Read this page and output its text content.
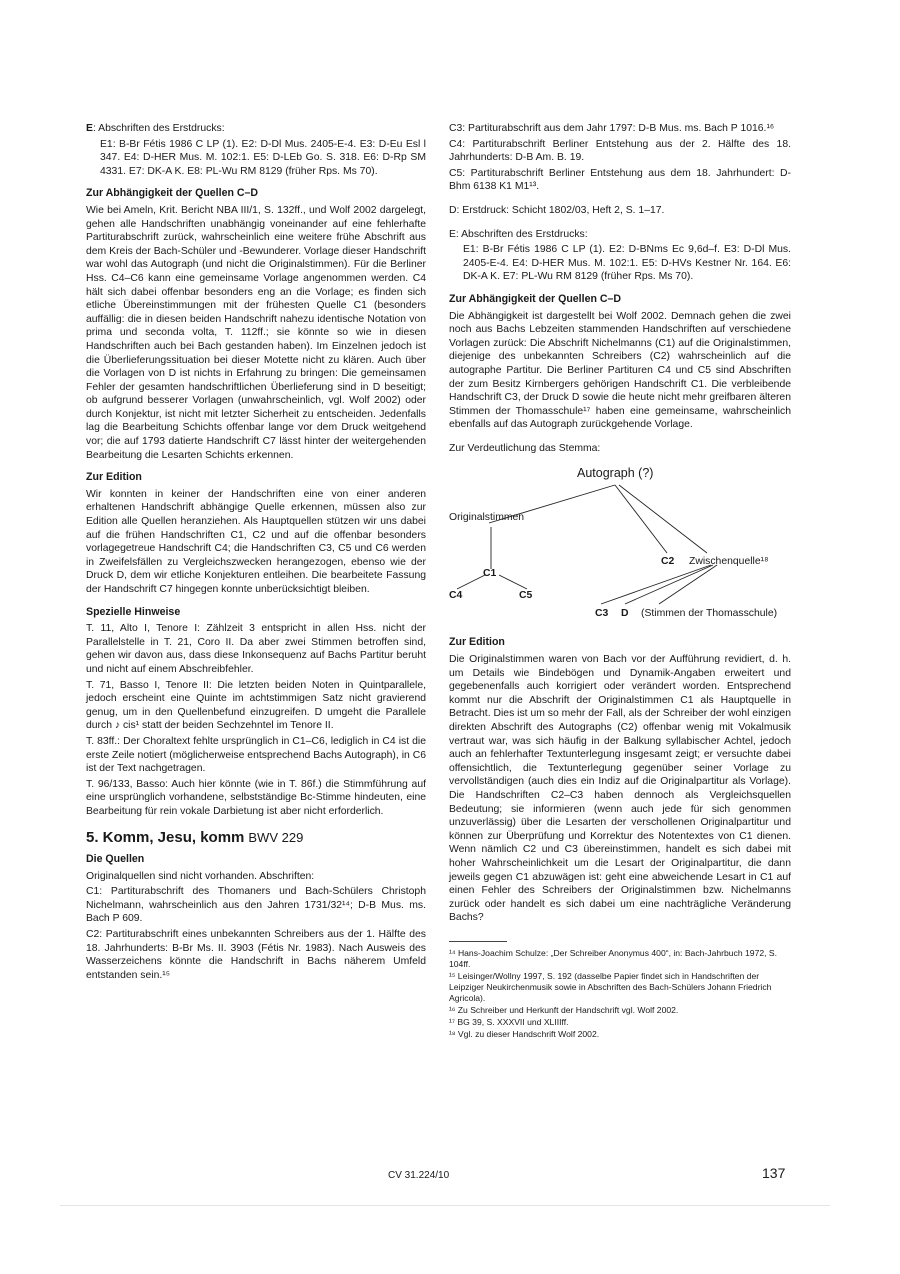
E: Abschriften des Erstdrucks:

E1: B-Br Fétis 1986 C LP (1). E2: D-Dl Mus. 2405-E-4. E3: D-Eu Esl l 347. E4: D-HER Mus. M. 102:1. E5: D-LEb Go. S. 318. E6: D-Rp SM 4331. E7: DK-A K. E8: PL-Wu RM 8129 (früher Rps. Ms 70).

Zur Abhängigkeit der Quellen C–D

Wie bei Ameln, Krit. Bericht NBA III/1, S. 132ff., und Wolf 2002 dargelegt, gehen alle Handschriften unabhängig voneinander auf eine fehlerhafte Partiturabschrift zurück, wahrscheinlich eine weitere frühe Abschrift aus dem Kreis der Bach-Schüler und -Bewunderer. Vorlage dieser Handschrift war wohl das Autograph (und nicht die Originalstimmen). Für die Berliner Hss. C4–C6 kann eine gemeinsame Vorlage angenommen werden. C4 hält sich dabei offenbar besonders eng an die Vorlage; es finden sich etliche Übereinstimmungen mit der frühesten Quelle C1 (besonders auffällig: die in diesen beiden Handschrift nahezu identische Notation von prima und seconda volta, T. 112ff.; sie könnte so wie in diesen Handschriften auch bei Bach gestanden haben). Im Einzelnen jedoch ist die Überlieferungssituation bei dieser Motette nicht zu klären. Auch über die Vorlagen von D ist nichts in Erfahrung zu bringen: Die gemeinsamen Fehler der gesamten handschriftlichen Überlieferung sind in D beseitigt; ob aufgrund besserer Vorlagen (unwahrscheinlich, vgl. Wolf 2002) oder durch Konjektur, ist nicht mit letzter Sicherheit zu entscheiden. Jedenfalls lag die Bearbeitung Schichts offenbar lange vor dem Druck weitgehend vor; die auf 1793 datierte Handschrift C7 lässt hinter der weitergehenden Bearbeitung die Lesarten Schichts erkennen.

Zur Edition

Wir konnten in keiner der Handschriften eine von einer anderen erhaltenen Handschrift abhängige Quelle erkennen, müssen also zur Edition alle Quellen heranziehen. Als Hauptquellen stützen wir uns dabei auf die frühen Handschriften C1, C2 und auf die offenbar besonders vorlagegetreue Handschrift C4; die Handschriften C3, C5 und C6 werden in Zweifelsfällen zu Vergleichszwecken herangezogen, ebenso wie der Druck D, dem wir etliche Konjekturen entleihen. Die bearbeitete Fassung der Handschrift C7 hingegen konnte unberücksichtigt bleiben.

Spezielle Hinweise

T. 11, Alto I, Tenore I: Zählzeit 3 entspricht in allen Hss. nicht der Parallelstelle in T. 21, Coro II. Da aber zwei Stimmen betroffen sind, gehen wir davon aus, dass diese Inkonsequenz auf Bachs Partitur beruht und nicht auf einem Abschreibfehler.

T. 71, Basso I, Tenore II: Die letzten beiden Noten in Quintparallele, jedoch erscheint eine Quinte im achtstimmigen Satz nicht gravierend genug, um in den Quellenbefund einzugreifen. D umgeht die Parallele durch ♪ cis¹ statt der beiden Sechzehntel im Tenore II.

T. 83ff.: Der Choraltext fehlte ursprünglich in C1–C6, lediglich in C4 ist die erste Zeile notiert (möglicherweise entsprechend Bachs Autograph), in C6 ist der Text nachgetragen.

T. 96/133, Basso: Auch hier könnte (wie in T. 86f.) die Stimmführung auf eine ursprünglich vorhandene, selbstständige Bc-Stimme hindeuten, eine Bearbeitung für rein vokale Darbietung ist aber nicht erforderlich.

5. Komm, Jesu, komm BWV 229
Die Quellen

Originalquellen sind nicht vorhanden. Abschriften:

C1: Partiturabschrift des Thomaners und Bach-Schülers Christoph Nichelmann, wahrscheinlich aus den Jahren 1731/32¹⁴; D-B Mus. ms. Bach P 609.

C2: Partiturabschrift eines unbekannten Schreibers aus der 1. Hälfte des 18. Jahrhunderts: B-Br Ms. II. 3903 (Fétis Nr. 1983). Nach Ausweis des Wasserzeichens könnte die Handschrift in Bachs näherem Umfeld entstanden sein.¹⁵

C3: Partiturabschrift aus dem Jahr 1797: D-B Mus. ms. Bach P 1016.¹⁶

C4: Partiturabschrift Berliner Entstehung aus der 2. Hälfte des 18. Jahrhunderts: D-B Am. B. 19.

C5: Partiturabschrift Berliner Entstehung aus dem 18. Jahrhundert: D-Bhm 6138 K1 M1¹³.

D: Erstdruck: Schicht 1802/03, Heft 2, S. 1–17.

E: Abschriften des Erstdrucks:

E1: B-Br Fétis 1986 C LP (1). E2: D-BNms Ec 9,6d–f. E3: D-Dl Mus. 2405-E-4. E4: D-HER Mus. M. 102:1. E5: D-HVs Kestner Nr. 164. E6: DK-A K. E7: PL-Wu RM 8129 (früher Rps. Ms 70).

Zur Abhängigkeit der Quellen C–D

Die Abhängigkeit ist dargestellt bei Wolf 2002. Demnach gehen die zwei noch aus Bachs Lebzeiten stammenden Handschriften auf verschiedene Vorlagen zurück: Die Abschrift Nichelmanns (C1) auf die Originalstimmen, diejenige des unbekannten Schreibers (C2) wahrscheinlich auf die autographe Partitur. Die Berliner Partituren C4 und C5 sind Abschriften der zum Besitz Kirnbergers gehörigen Handschrift C1. Die verbleibende Handschrift C3, der Druck D sowie die heute nicht mehr greifbaren älteren Stimmen der Thomasschule¹⁷ haben eine gemeinsame, wahrscheinlich ebenfalls auf das Autograph zurückgehende Vorlage.

Zur Verdeutlichung das Stemma:

Autograph (?)
Originalstimmen
C1
C4	C5
C2 Zwischenquelle¹⁸
C3 D (Stimmen der Thomasschule)
Zur Edition

Die Originalstimmen waren von Bach vor der Aufführung revidiert, d. h. um Details wie Bindebögen und Dynamik-Angaben erweitert und gegebenenfalls auch korrigiert oder verändert worden. Entsprechend kommt nur die Abschrift der Originalstimmen C1 als Hauptquelle in Betracht. Dies ist um so mehr der Fall, als der Schreiber der wohl einzigen direkten Abschrift des Autographs (C2) offenbar wenig mit Vokalmusik vertraut war, was sich häufig in der Balkung syllabischer Achtel, jedoch auch an fehlerhafter Textunterlegung insgesamt zeigt; er versuchte dabei offensichtlich, die Textunterlegung gegenüber seiner Vorlage zu vervollständigen (auch dies ein Indiz auf die Originalpartitur als Vorlage). Die Handschriften C2–C3 haben dennoch als Vergleichsquellen Bedeutung; sie informieren (wenn auch jede für sich genommen unzuverlässig) über die Lesarten der verschollenen Originalpartitur und können zur Überprüfung und Korrektur des Notentextes von C1 dienen. Wenn nämlich C2 und C3 übereinstimmen, handelt es sich dabei mit hoher Wahrscheinlichkeit um die Lesart der Originalpartitur, die dann jeweils gegen C1 abzuwägen ist: geht eine abweichende Lesart in C1 auf einen Fehler des Schreibers der Originalstimmen bzw. Nichelmanns zurück oder handelt es sich dabei um eine nachträgliche Veränderung Bachs?

¹⁴ Hans-Joachim Schulze: „Der Schreiber Anonymus 400“, in: Bach-Jahrbuch 1972, S. 104ff.

¹⁵ Leisinger/Wollny 1997, S. 192 (dasselbe Papier findet sich in Handschriften der Leipziger Neukirchenmusik sowie in Abschriften des Bach-Schülers Johann Friedrich Agricola).

¹⁶ Zu Schreiber und Herkunft der Handschrift vgl. Wolf 2002.

¹⁷ BG 39, S. XXXVII und XLIIIff.

¹⁸ Vgl. zu dieser Handschrift Wolf 2002.

CV 31.224/10	137
